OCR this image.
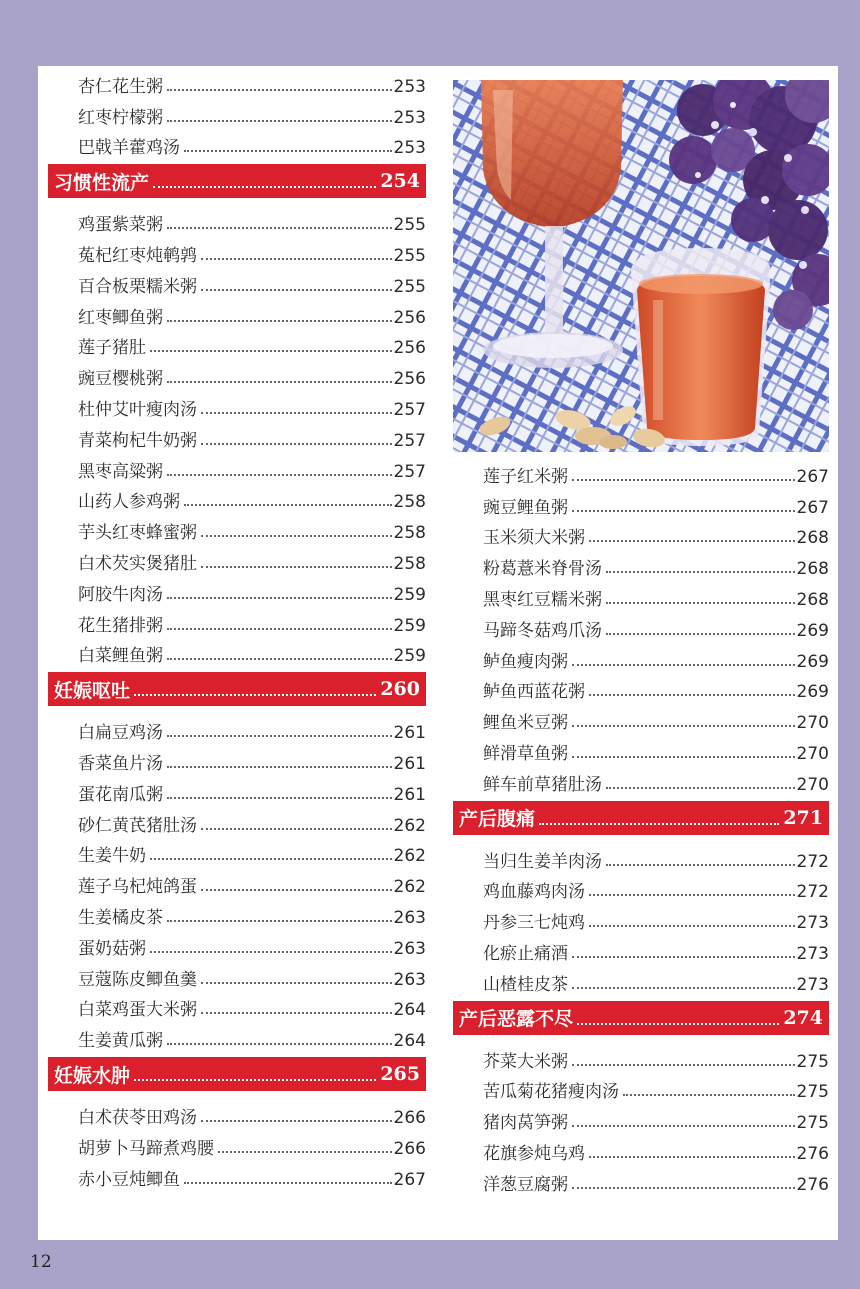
杏仁花生粥	253
红枣柠檬粥	253
巴戟羊藿鸡汤	253
习惯性流产	254
鸡蛋紫菜粥	255
菟杞红枣炖鹌鹑	255
百合板栗糯米粥	255
红枣鲫鱼粥	256
莲子猪肚	256
豌豆樱桃粥	256
杜仲艾叶瘦肉汤	257
青菜枸杞牛奶粥	257
黑枣高粱粥	257
山药人参鸡粥	258
芋头红枣蜂蜜粥	258
白术芡实煲猪肚	258
阿胶牛肉汤	259
花生猪排粥	259
白菜鲤鱼粥	259
妊娠呕吐	260
白扁豆鸡汤	261
香菜鱼片汤	261
蛋花南瓜粥	261
砂仁黄芪猪肚汤	262
生姜牛奶	262
莲子乌杞炖鸽蛋	262
生姜橘皮茶	263
蛋奶菇粥	263
豆蔻陈皮鲫鱼羹	263
白菜鸡蛋大米粥	264
生姜黄瓜粥	264
妊娠水肿	265
白术茯苓田鸡汤	266
胡萝卜马蹄煮鸡腰	266
赤小豆炖鲫鱼	267
莲子红米粥	267
豌豆鲤鱼粥	267
玉米须大米粥	268
粉葛薏米脊骨汤	268
黑枣红豆糯米粥	268
马蹄冬菇鸡爪汤	269
鲈鱼瘦肉粥	269
鲈鱼西蓝花粥	269
鲤鱼米豆粥	270
鲜滑草鱼粥	270
鲜车前草猪肚汤	270
产后腹痛	271
当归生姜羊肉汤	272
鸡血藤鸡肉汤	272
丹参三七炖鸡	273
化瘀止痛酒	273
山楂桂皮茶	273
产后恶露不尽	274
芥菜大米粥	275
苦瓜菊花猪瘦肉汤	275
猪肉莴笋粥	275
花旗参炖乌鸡	276
洋葱豆腐粥	276
12
